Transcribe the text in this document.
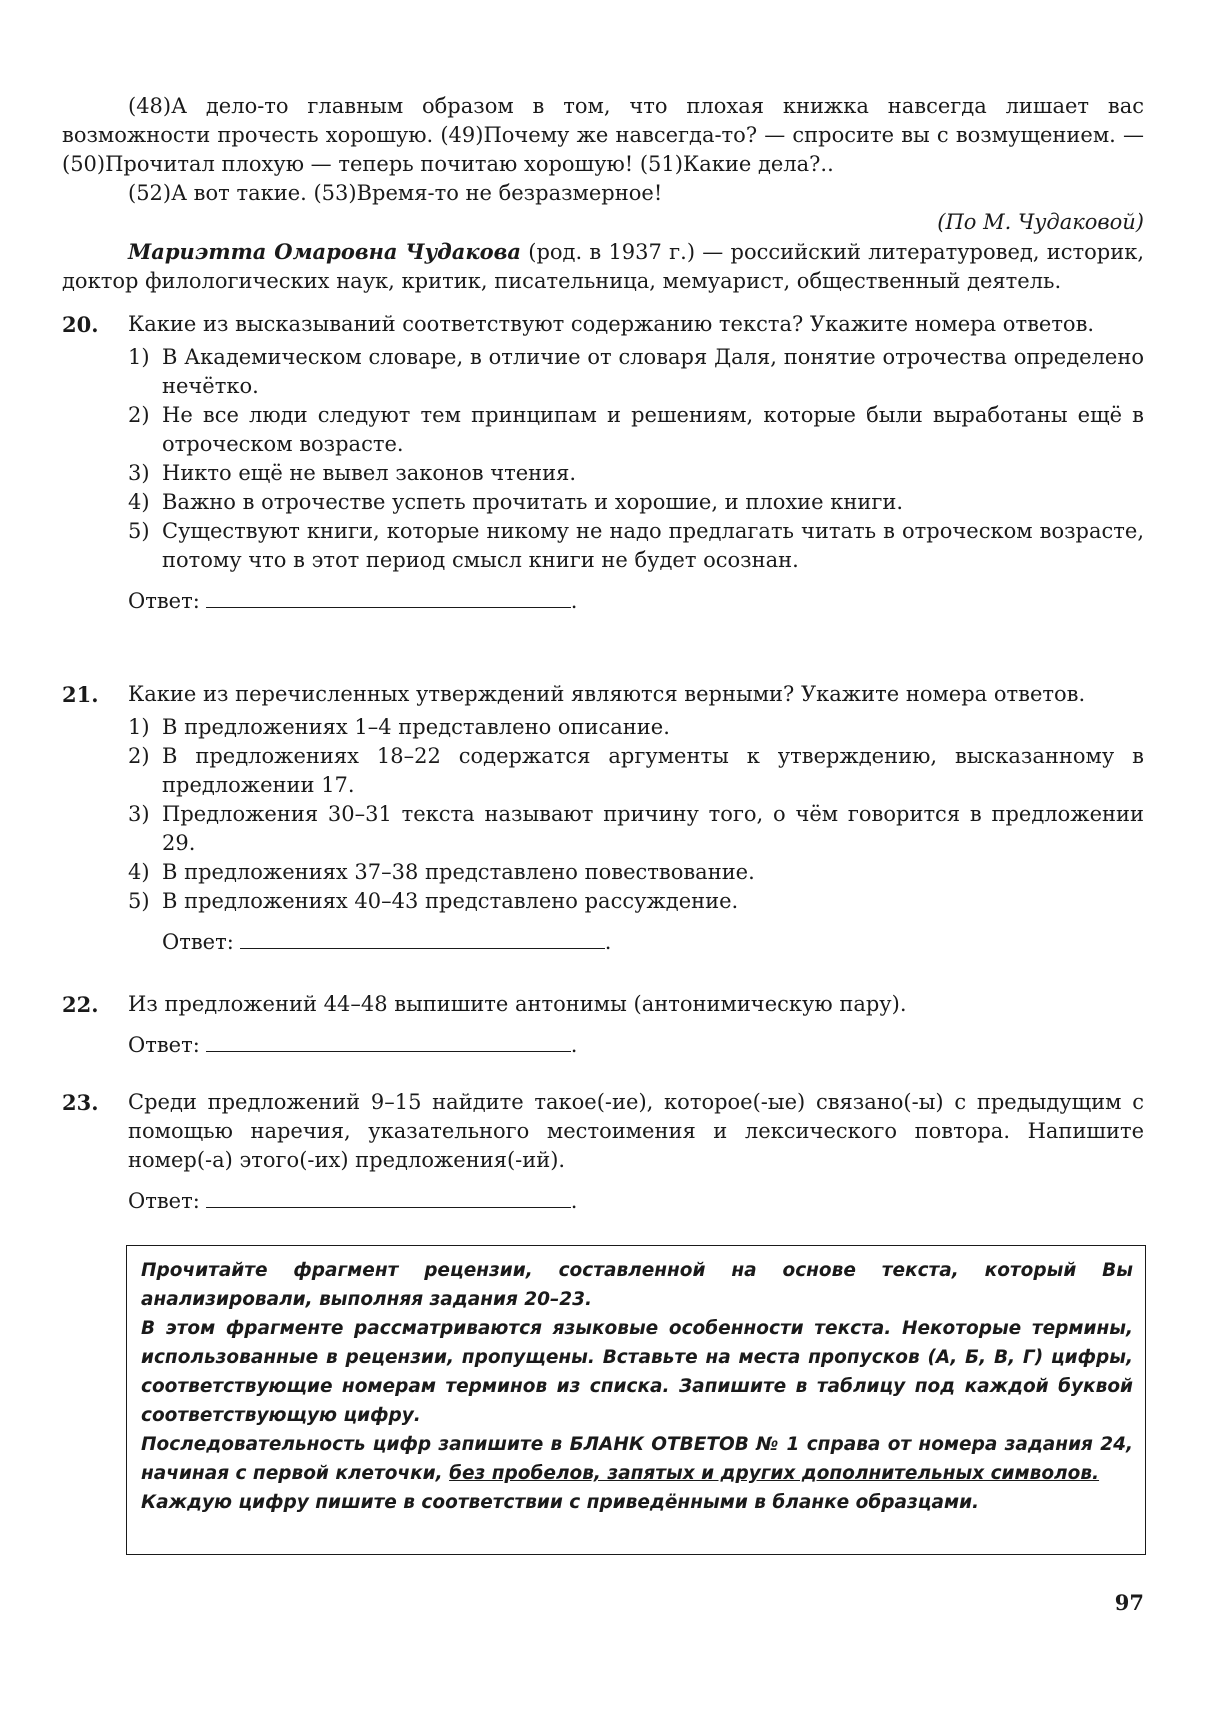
(48)А дело-то главным образом в том, что плохая книжка навсегда лишает вас возможности прочесть хорошую. (49)Почему же навсегда-то? — спросите вы с возмущением. — (50)Прочитал плохую — теперь почитаю хорошую! (51)Какие дела?..

(52)А вот такие. (53)Время-то не безразмерное!

(По М. Чудаковой)

Мариэтта Омаровна Чудакова (род. в 1937 г.) — российский литературовед, историк, доктор филологических наук, критик, писательница, мемуарист, общественный деятель.

20. Какие из высказываний соответствуют содержанию текста? Укажите номера ответов.
1) В Академическом словаре, в отличие от словаря Даля, понятие отрочества определено нечётко.
2) Не все люди следуют тем принципам и решениям, которые были выработаны ещё в отроческом возрасте.
3) Никто ещё не вывел законов чтения.
4) Важно в отрочестве успеть прочитать и хорошие, и плохие книги.
5) Существуют книги, которые никому не надо предлагать читать в отроческом возрасте, потому что в этот период смысл книги не будет осознан.
Ответ:	.
21. Какие из перечисленных утверждений являются верными? Укажите номера ответов.
1) В предложениях 1–4 представлено описание.
2) В предложениях 18–22 содержатся аргументы к утверждению, высказанному в предложении 17.
3) Предложения 30–31 текста называют причину того, о чём говорится в предложении 29.
4) В предложениях 37–38 представлено повествование.
5) В предложениях 40–43 представлено рассуждение.
Ответ:	.
22. Из предложений 44–48 выпишите антонимы (антонимическую пару).
Ответ:	.
23. Среди предложений 9–15 найдите такое(-ие), которое(-ые) связано(-ы) с предыдущим с помощью наречия, указательного местоимения и лексического повтора. Напишите номер(-а) этого(-их) предложения(-ий).
Ответ:	.

Прочитайте фрагмент рецензии, составленной на основе текста, который Вы анализировали, выполняя задания 20–23.

В этом фрагменте рассматриваются языковые особенности текста. Некоторые термины, использованные в рецензии, пропущены. Вставьте на места пропусков (А, Б, В, Г) цифры, соответствующие номерам терминов из списка. Запишите в таблицу под каждой буквой соответствующую цифру.

Последовательность цифр запишите в БЛАНК ОТВЕТОВ № 1 справа от номера задания 24, начиная с первой клеточки, без пробелов, запятых и других дополнительных символов.

Каждую цифру пишите в соответствии с приведёнными в бланке образцами.

97
